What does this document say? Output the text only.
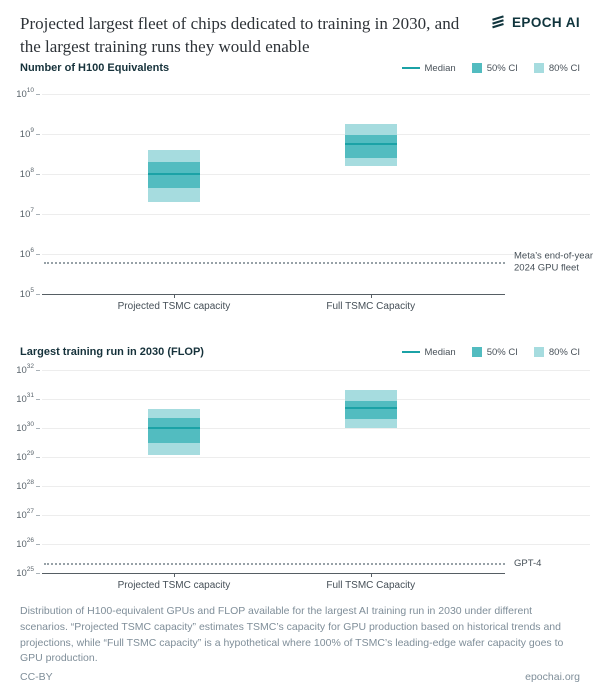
Projected largest fleet of chips dedicated to training in 2030, and the largest training runs they would enable
EPOCH AI
Number of H100 Equivalents	Median	50% CI	80% CI
$10^{10}$
$10^9$
$10^8$
$10^7$
$10^6$
$10^5$
Meta’s end-of-year 2024 GPU fleet
Projected TSMC capacity	Full TSMC Capacity
Largest training run in 2030 (FLOP)	Median	50% CI	80% CI
$10^{32}$
$10^{31}$
$10^{30}$
$10^{29}$
$10^{28}$
$10^{27}$
$10^{26}$
$10^{25}$
GPT-4
Projected TSMC capacity	Full TSMC Capacity

Distribution of H100-equivalent GPUs and FLOP available for the largest AI training run in 2030 under different scenarios. “Projected TSMC capacity” estimates TSMC’s capacity for GPU production based on historical trends and projections, while “Full TSMC capacity” is a hypothetical where 100% of TSMC’s leading-edge wafer capacity goes to GPU production.

CC-BY	epochai.org
